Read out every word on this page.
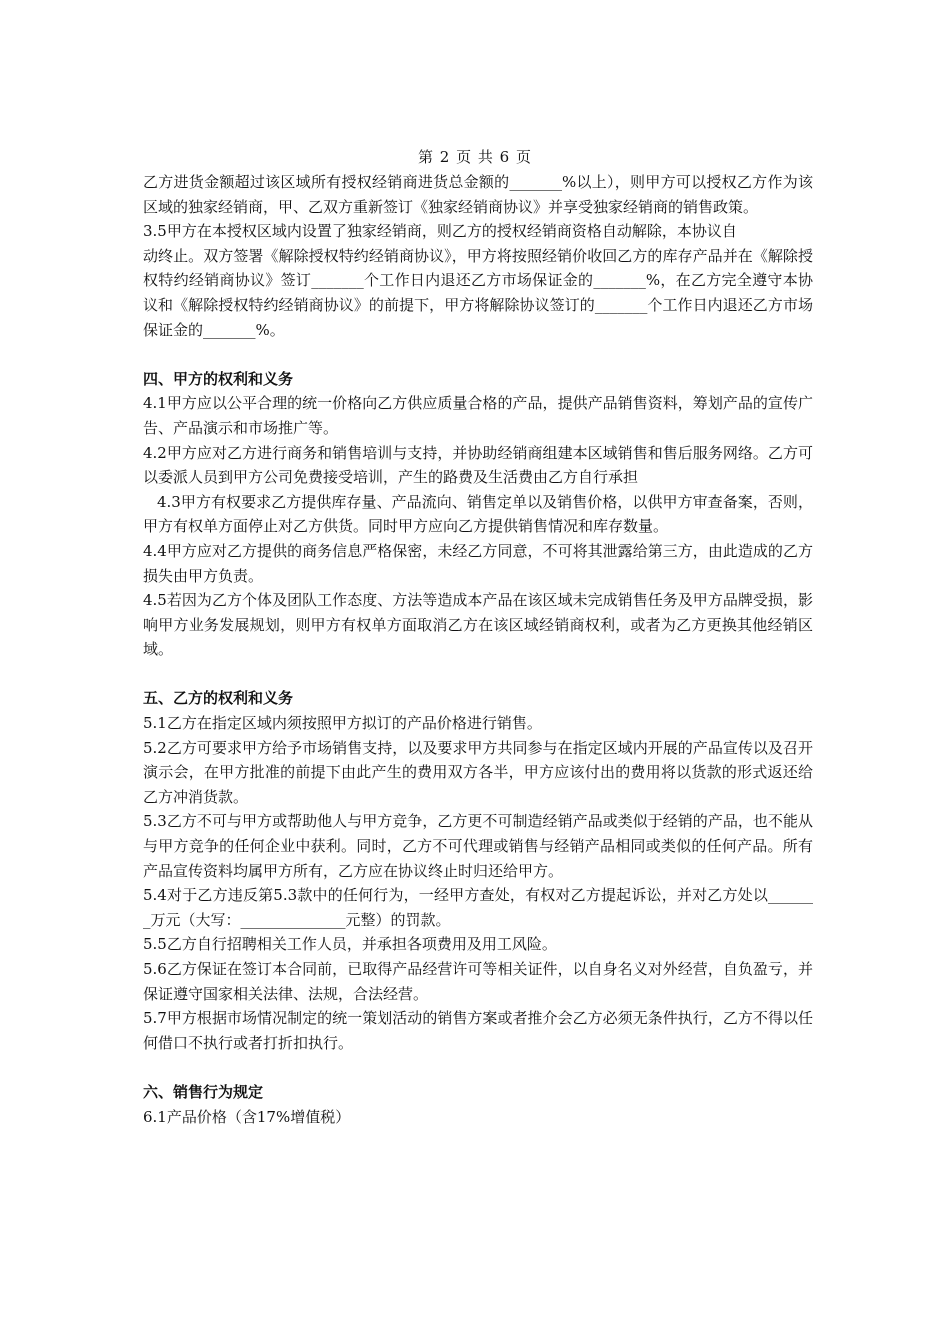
第 2 页 共 6 页

乙方进货金额超过该区域所有授权经销商进货总金额的_______%以上），则甲方可以授权乙方作为该区域的独家经销商，甲、乙双方重新签订《独家经销商协议》并享受独家经销商的销售政策。

3.5甲方在本授权区域内设置了独家经销商，则乙方的授权经销商资格自动解除，本协议自

动终止。双方签署《解除授权特约经销商协议》，甲方将按照经销价收回乙方的库存产品并在《解除授权特约经销商协议》签订_______个工作日内退还乙方市场保证金的_______%，在乙方完全遵守本协议和《解除授权特约经销商协议》的前提下，甲方将解除协议签订的_______个工作日内退还乙方市场保证金的_______%。

四、甲方的权利和义务

4.1甲方应以公平合理的统一价格向乙方供应质量合格的产品，提供产品销售资料，筹划产品的宣传广告、产品演示和市场推广等。

4.2甲方应对乙方进行商务和销售培训与支持，并协助经销商组建本区域销售和售后服务网络。乙方可以委派人员到甲方公司免费接受培训，产生的路费及生活费由乙方自行承担

4.3甲方有权要求乙方提供库存量、产品流向、销售定单以及销售价格，以供甲方审查备案，否则，甲方有权单方面停止对乙方供货。同时甲方应向乙方提供销售情况和库存数量。

4.4甲方应对乙方提供的商务信息严格保密，未经乙方同意，不可将其泄露给第三方，由此造成的乙方损失由甲方负责。

4.5若因为乙方个体及团队工作态度、方法等造成本产品在该区域未完成销售任务及甲方品牌受损，影响甲方业务发展规划，则甲方有权单方面取消乙方在该区域经销商权利，或者为乙方更换其他经销区域。

五、乙方的权利和义务

5.1乙方在指定区域内须按照甲方拟订的产品价格进行销售。

5.2乙方可要求甲方给予市场销售支持，以及要求甲方共同参与在指定区域内开展的产品宣传以及召开演示会，在甲方批准的前提下由此产生的费用双方各半，甲方应该付出的费用将以货款的形式返还给乙方冲消货款。

5.3乙方不可与甲方或帮助他人与甲方竞争，乙方更不可制造经销产品或类似于经销的产品，也不能从与甲方竞争的任何企业中获利。同时，乙方不可代理或销售与经销产品相同或类似的任何产品。所有产品宣传资料均属甲方所有，乙方应在协议终止时归还给甲方。

5.4对于乙方违反第5.3款中的任何行为，一经甲方查处，有权对乙方提起诉讼，并对乙方处以_______万元（大写：______________元整）的罚款。

5.5乙方自行招聘相关工作人员，并承担各项费用及用工风险。

5.6乙方保证在签订本合同前，已取得产品经营许可等相关证件，以自身名义对外经营，自负盈亏，并保证遵守国家相关法律、法规，合法经营。

5.7甲方根据市场情况制定的统一策划活动的销售方案或者推介会乙方必须无条件执行，乙方不得以任何借口不执行或者打折扣执行。

六、销售行为规定

6.1产品价格（含17%增值税）
